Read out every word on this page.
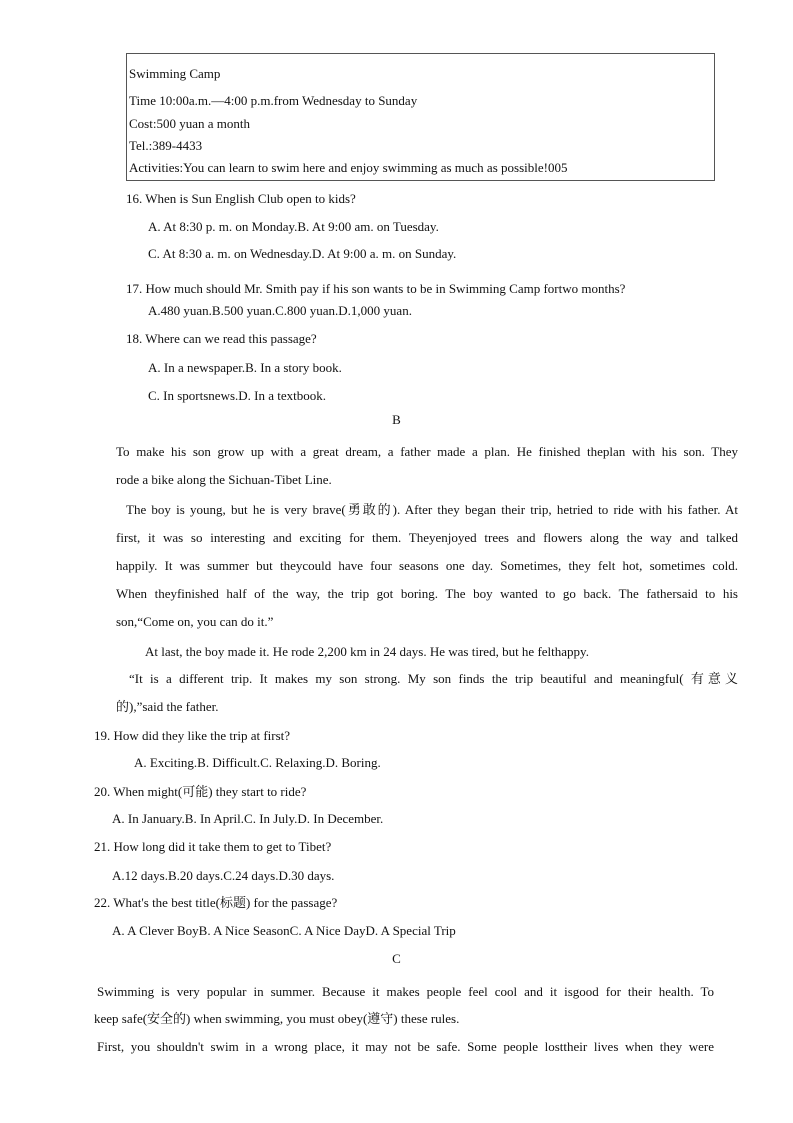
Swimming Camp
Time 10:00a.m.—4:00 p.m.from Wednesday to Sunday
Cost:500 yuan a month
Tel.:389-4433
Activities:You can learn to swim here and enjoy swimming as much as possible!005
16. When is Sun English Club open to kids?
A. At 8:30 p. m. on Monday.B. At 9:00 am. on Tuesday.
C. At 8:30 a. m. on Wednesday.D. At 9:00 a. m. on Sunday.
17. How much should Mr. Smith pay if his son wants to be in Swimming Camp fortwo months?
A.480 yuan.B.500 yuan.C.800 yuan.D.1,000 yuan.
18. Where can we read this passage?
A. In a newspaper.B. In a story book.
C. In sportsnews.D. In a textbook.
B
To make his son grow up with a great dream, a father made a plan. He finished theplan with his son. They
rode a bike along the Sichuan-Tibet Line.
The boy is young, but he is very brave(勇敢的). After they began their trip, hetried to ride with his father. At
first, it was so interesting and exciting for them. Theyenjoyed trees and flowers along the way and talked
happily. It was summer but theycould have four seasons one day. Sometimes, they felt hot, sometimes cold.
When theyfinished half of the way, the trip got boring. The boy wanted to go back. The fathersaid to his
son,“Come on, you can do it.”
At last, the boy made it. He rode 2,200 km in 24 days. He was tired, but he felthappy.
“It is a different trip. It makes my son strong. My son finds the trip beautiful and meaningful( 有意义
的),”said the father.
19. How did they like the trip at first?
A. Exciting.B. Difficult.C. Relaxing.D. Boring.
20. When might(可能) they start to ride?
A. In January.B. In April.C. In July.D. In December.
21. How long did it take them to get to Tibet?
A.12 days.B.20 days.C.24 days.D.30 days.
22. What's the best title(标题) for the passage?
A. A Clever BoyB. A Nice SeasonC. A Nice DayD. A Special Trip
C
Swimming is very popular in summer. Because it makes people feel cool and it isgood for their health. To
keep safe(安全的) when swimming, you must obey(遵守) these rules.
First, you shouldn't swim in a wrong place, it may not be safe. Some people losttheir lives when they were
